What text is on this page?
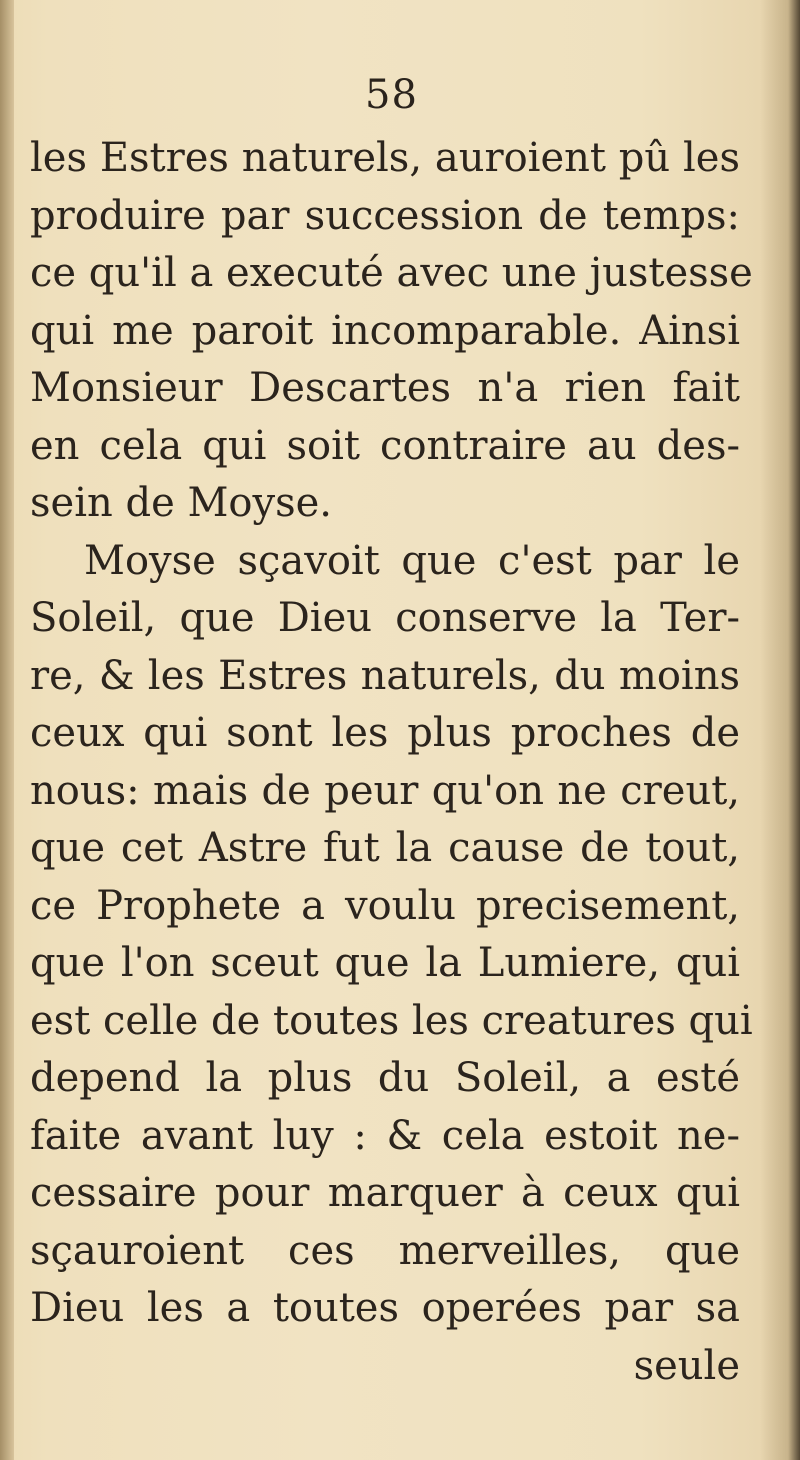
58
les Estres naturels, auroient pû les
produire par succession de temps:
ce qu'il a executé avec une justesse
qui me paroit incomparable. Ainsi
Monsieur Descartes n'a rien fait
en cela qui soit contraire au des-
sein de Moyse.
Moyse sçavoit que c'est par le
Soleil, que Dieu conserve la Ter-
re, & les Estres naturels, du moins
ceux qui sont les plus proches de
nous: mais de peur qu'on ne creut,
que cet Astre fut la cause de tout,
ce Prophete a voulu precisement,
que l'on sceut que la Lumiere, qui
est celle de toutes les creatures qui
depend la plus du Soleil, a esté
faite avant luy : & cela estoit ne-
cessaire pour marquer à ceux qui
sçauroient ces merveilles, que
Dieu les a toutes operées par sa
seule
